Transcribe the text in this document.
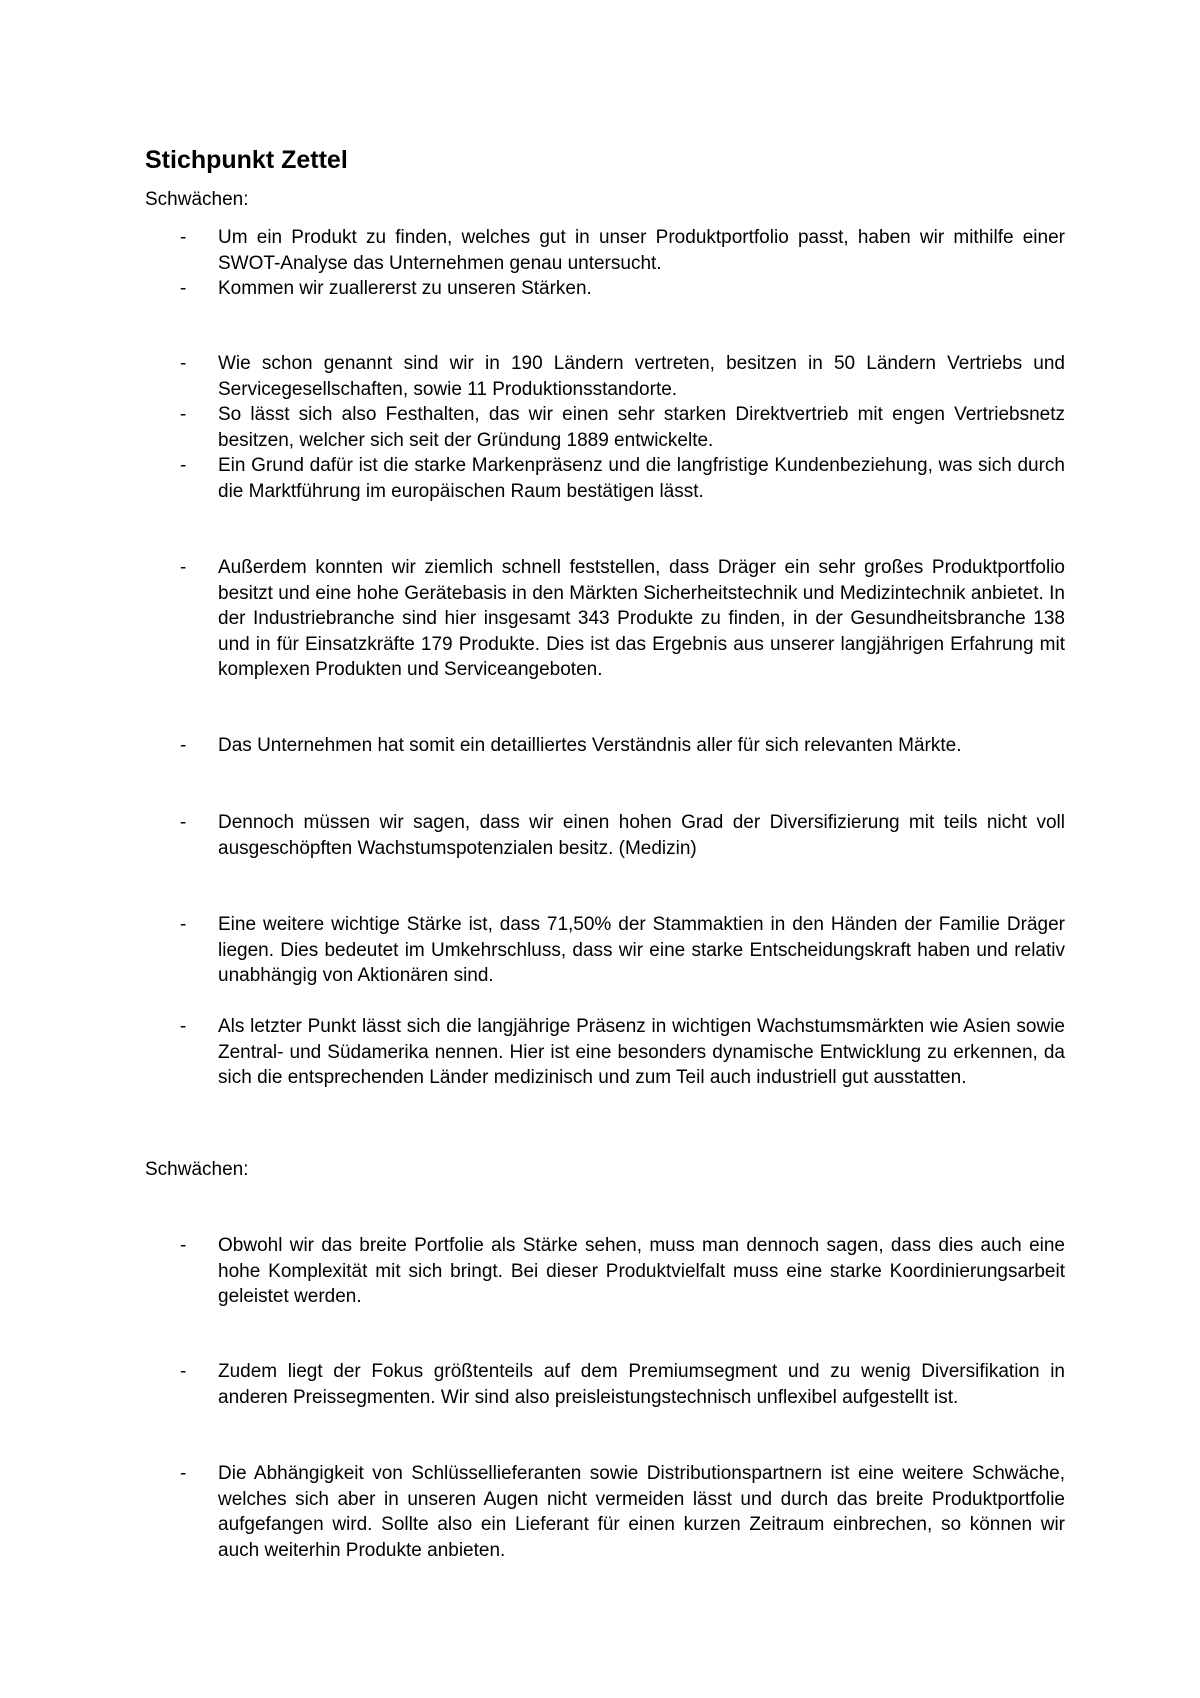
Stichpunkt Zettel

Schwächen:

- Um ein Produkt zu finden, welches gut in unser Produktportfolio passt, haben wir mithilfe einer SWOT-Analyse das Unternehmen genau untersucht.
- Kommen wir zuallererst zu unseren Stärken.
- Wie schon genannt sind wir in 190 Ländern vertreten, besitzen in 50 Ländern Vertriebs und Servicegesellschaften, sowie 11 Produktionsstandorte.
- So lässt sich also Festhalten, das wir einen sehr starken Direktvertrieb mit engen Vertriebsnetz besitzen, welcher sich seit der Gründung 1889 entwickelte.
- Ein Grund dafür ist die starke Markenpräsenz und die langfristige Kundenbeziehung, was sich durch die Marktführung im europäischen Raum bestätigen lässt.
- Außerdem konnten wir ziemlich schnell feststellen, dass Dräger ein sehr großes Produktportfolio besitzt und eine hohe Gerätebasis in den Märkten Sicherheitstechnik und Medizintechnik anbietet. In der Industriebranche sind hier insgesamt 343 Produkte zu finden, in der Gesundheitsbranche 138 und in für Einsatzkräfte 179 Produkte. Dies ist das Ergebnis aus unserer langjährigen Erfahrung mit komplexen Produkten und Serviceangeboten.
- Das Unternehmen hat somit ein detailliertes Verständnis aller für sich relevanten Märkte.
- Dennoch müssen wir sagen, dass wir einen hohen Grad der Diversifizierung mit teils nicht voll ausgeschöpften Wachstumspotenzialen besitz. (Medizin)
- Eine weitere wichtige Stärke ist, dass 71,50% der Stammaktien in den Händen der Familie Dräger liegen. Dies bedeutet im Umkehrschluss, dass wir eine starke Entscheidungskraft haben und relativ unabhängig von Aktionären sind.
- Als letzter Punkt lässt sich die langjährige Präsenz in wichtigen Wachstumsmärkten wie Asien sowie Zentral- und Südamerika nennen. Hier ist eine besonders dynamische Entwicklung zu erkennen, da sich die entsprechenden Länder medizinisch und zum Teil auch industriell gut ausstatten.

Schwächen:

- Obwohl wir das breite Portfolie als Stärke sehen, muss man dennoch sagen, dass dies auch eine hohe Komplexität mit sich bringt. Bei dieser Produktvielfalt muss eine starke Koordinierungsarbeit geleistet werden.
- Zudem liegt der Fokus größtenteils auf dem Premiumsegment und zu wenig Diversifikation in anderen Preissegmenten. Wir sind also preisleistungstechnisch unflexibel aufgestellt ist.
- Die Abhängigkeit von Schlüssellieferanten sowie Distributionspartnern ist eine weitere Schwäche, welches sich aber in unseren Augen nicht vermeiden lässt und durch das breite Produktportfolie aufgefangen wird. Sollte also ein Lieferant für einen kurzen Zeitraum einbrechen, so können wir auch weiterhin Produkte anbieten.
